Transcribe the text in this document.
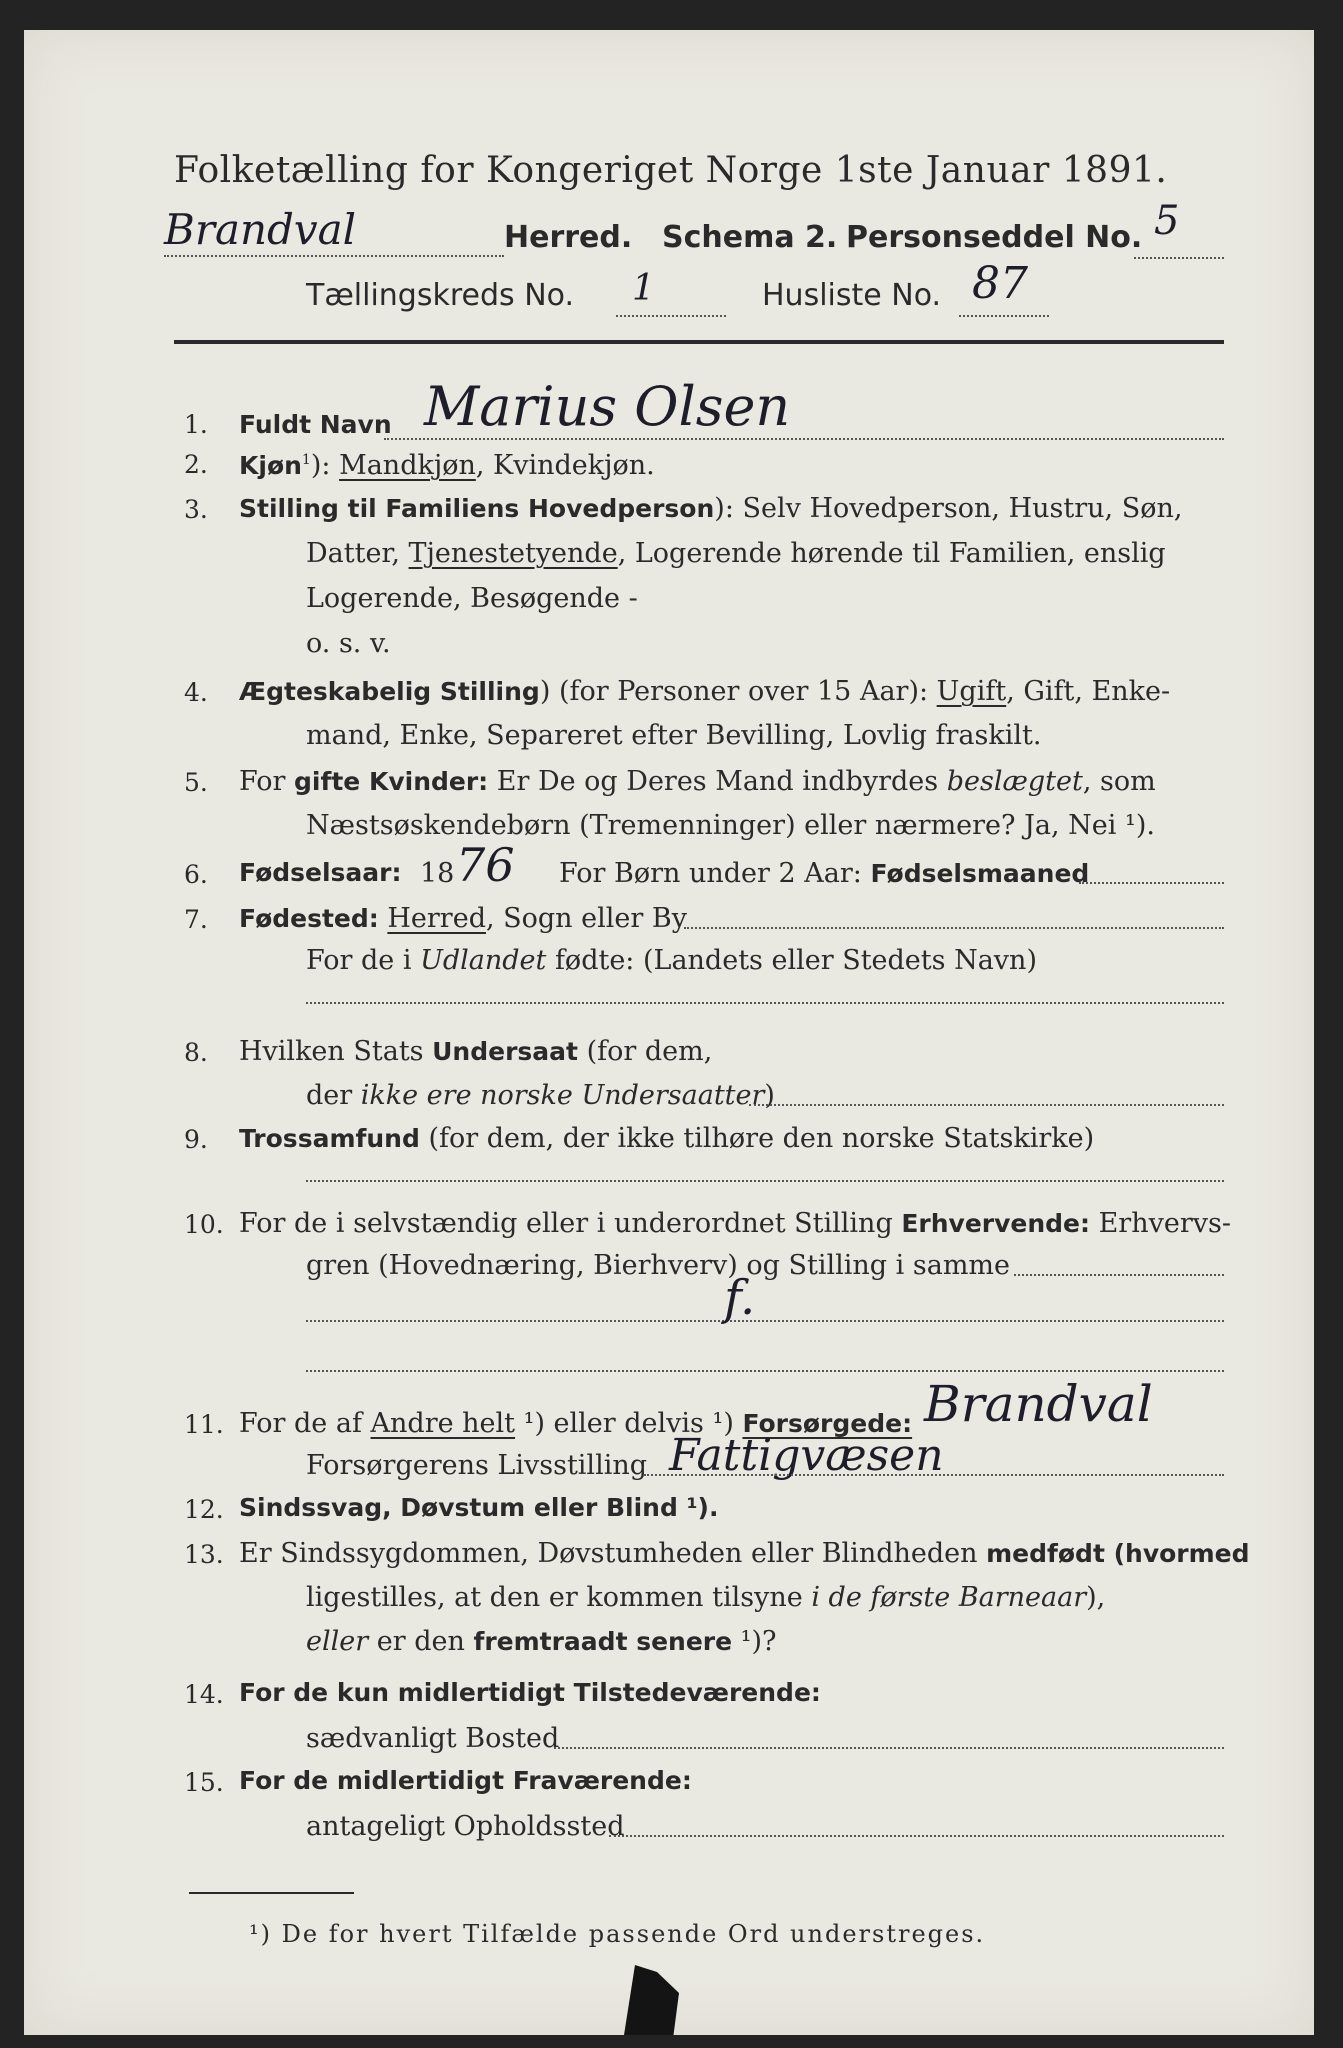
Folketælling for Kongeriget Norge 1ste Januar 1891.
Brandval	Herred. Schema 2. Personseddel No. 5
Tællingskreds No. 1	Husliste No. 87
1. Fuldt Navn Marius Olsen
2. Kjøn$^1$): Mandkjøn, Kvindekjøn.
3. Stilling til Familiens Hovedperson): Selv Hovedperson, Hustru, Søn,
Datter, Tjenestetyende, Logerende hørende til Familien, enslig
Logerende, Besøgende -
o. s. v.
4. Ægteskabelig Stilling) (for Personer over 15 Aar): Ugift, Gift, Enke-
mand, Enke, Separeret efter Bevilling, Lovlig fraskilt.
5. For gifte Kvinder: Er De og Deres Mand indbyrdes beslægtet, som
Næstsøskendebørn (Tremenninger) eller nærmere? Ja, Nei ¹).
6. Fødselsaar: 18 76 For Børn under 2 Aar: Fødselsmaaned
7. Fødested: Herred, Sogn eller By
For de i Udlandet fødte: (Landets eller Stedets Navn)
8. Hvilken Stats Undersaat (for dem,
der ikke ere norske Undersaatter)
9. Trossamfund (for dem, der ikke tilhøre den norske Statskirke)
10. For de i selvstændig eller i underordnet Stilling Erhvervende: Erhvervs-
gren (Hovednæring, Bierhverv) og Stilling i samme
f.
11. For de af Andre helt ¹) eller delvis ¹) Forsørgede: Brandval
Forsørgerens Livsstilling Fattigvæsen
12. Sindssvag, Døvstum eller Blind ¹).
13. Er Sindssygdommen, Døvstumheden eller Blindheden medfødt (hvormed
ligestilles, at den er kommen tilsyne i de første Barneaar),
eller er den fremtraadt senere ¹)?
14. For de kun midlertidigt Tilstedeværende:
sædvanligt Bosted
15. For de midlertidigt Fraværende:
antageligt Opholdssted
¹) De for hvert Tilfælde passende Ord understreges.
